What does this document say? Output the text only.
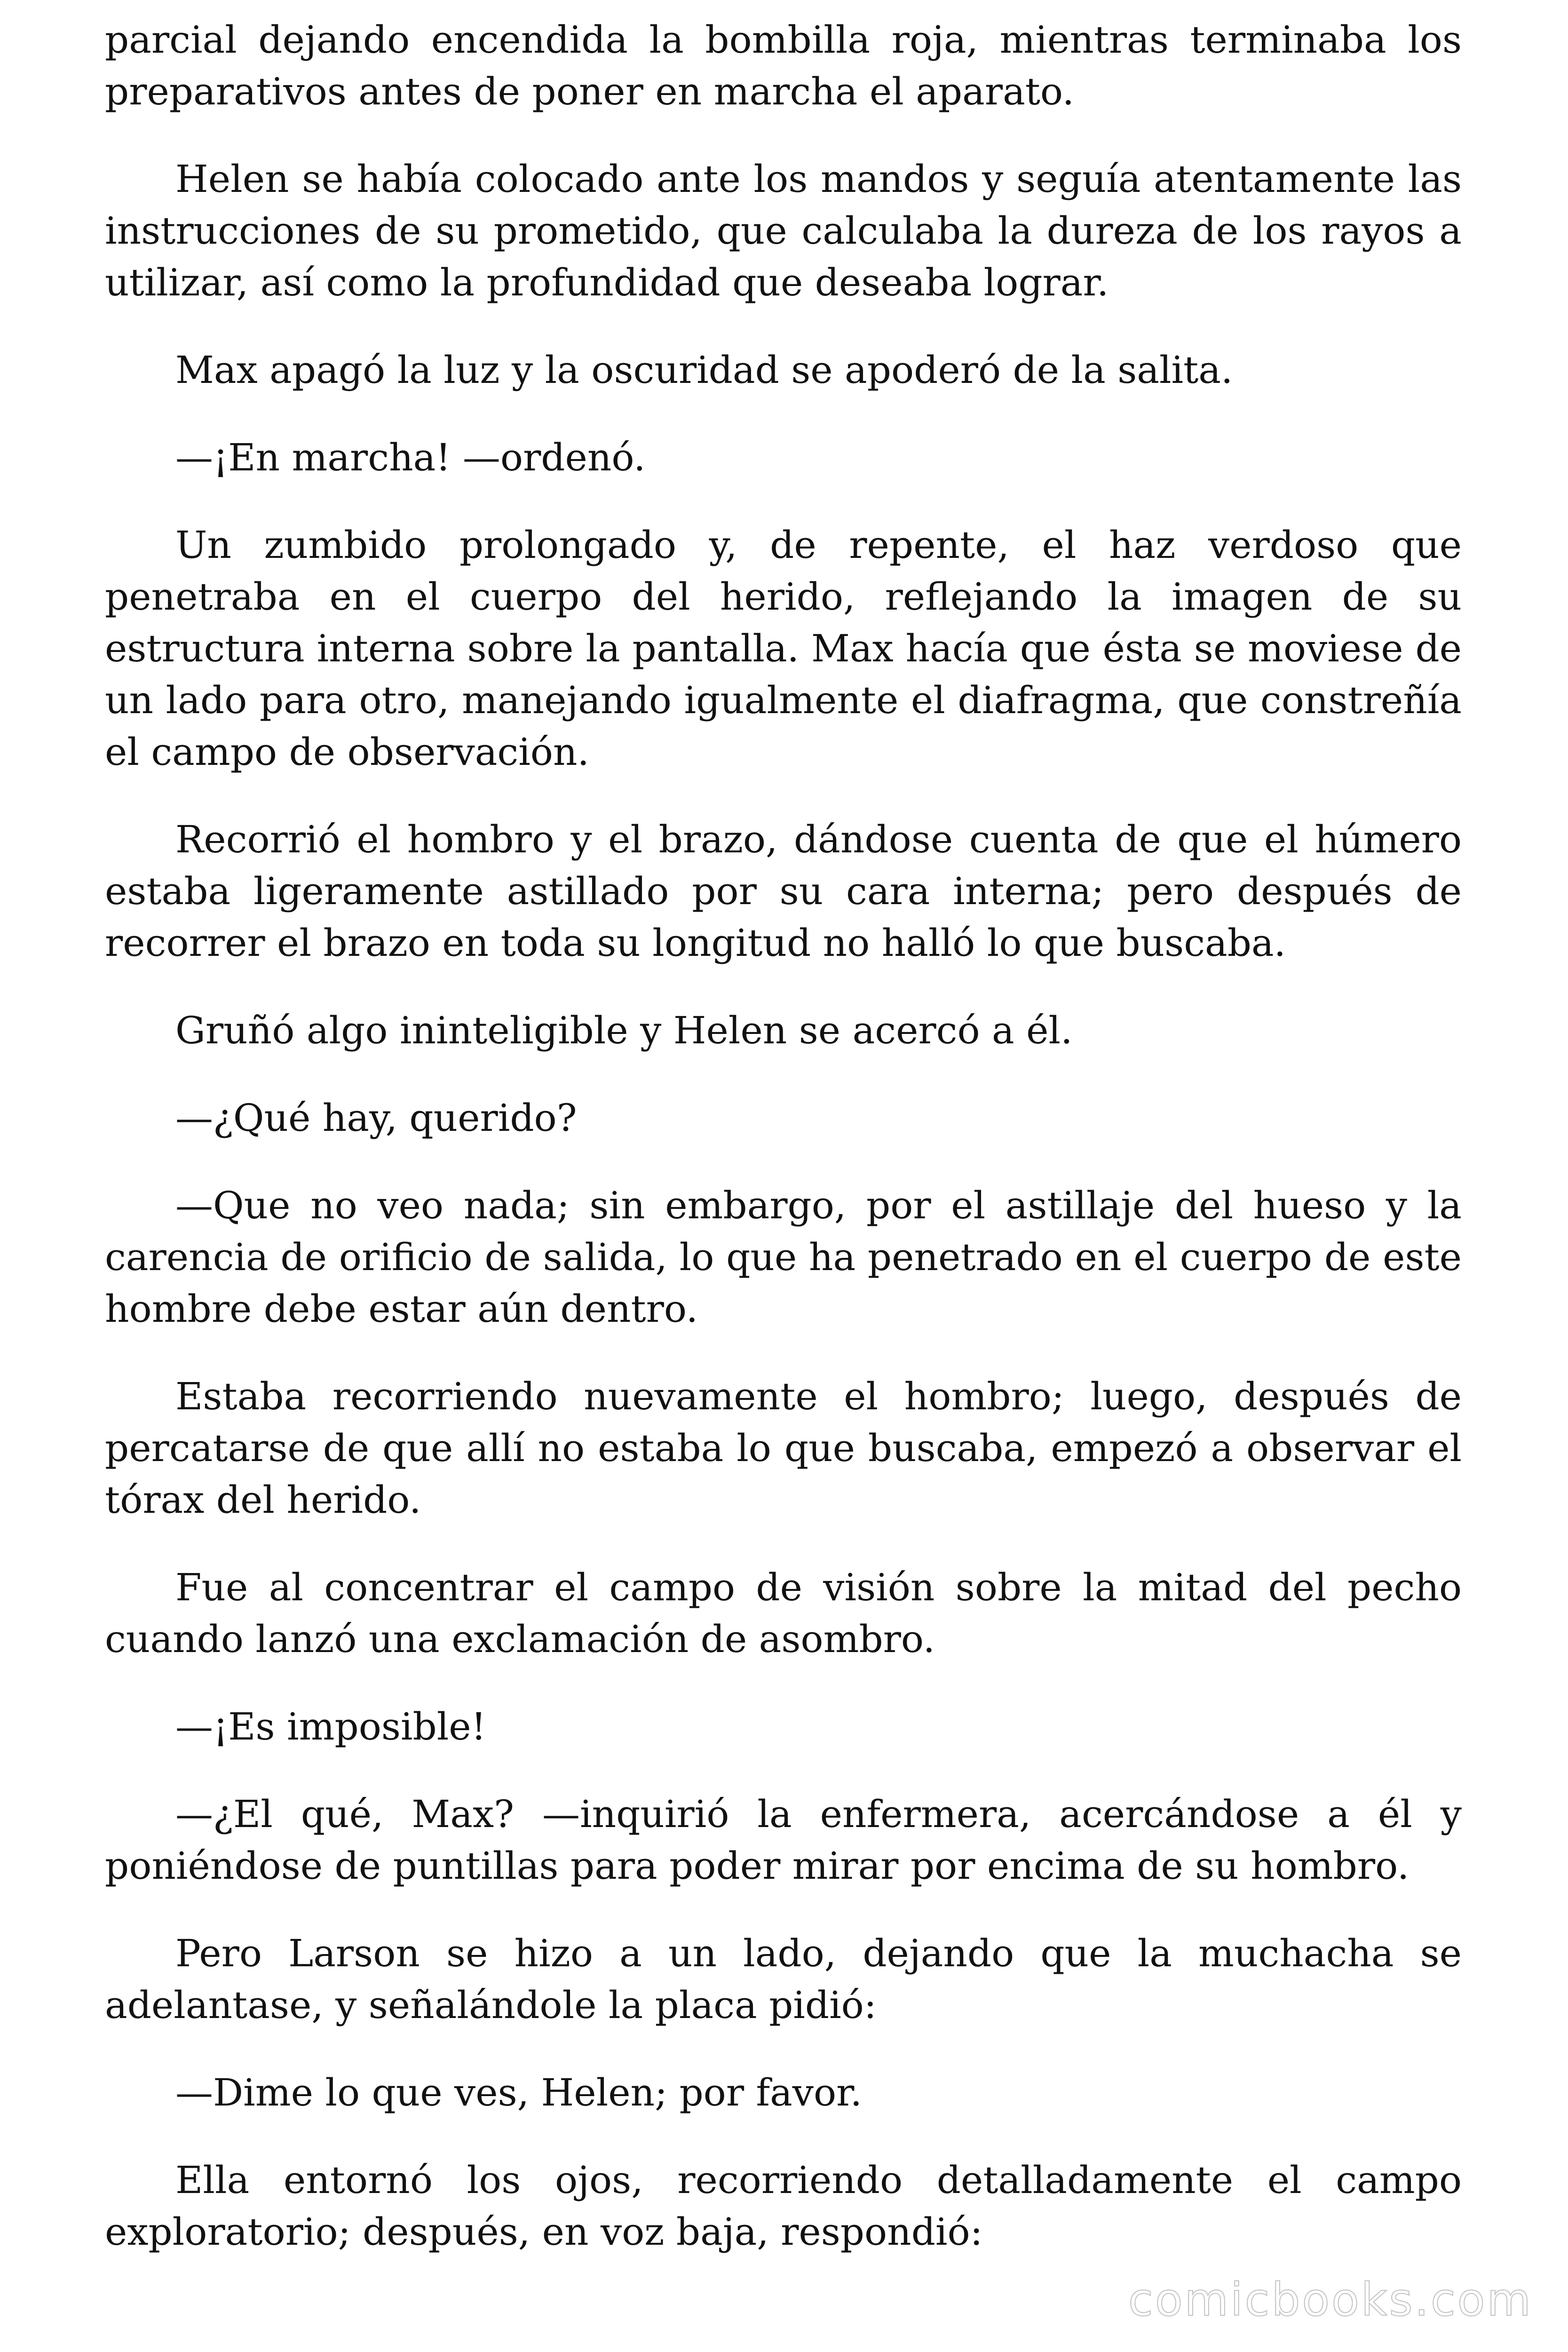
parcial dejando encendida la bombilla roja, mientras terminaba los preparativos antes de poner en marcha el aparato.

Helen se había colocado ante los mandos y seguía atentamente las instrucciones de su prometido, que calculaba la dureza de los rayos a utilizar, así como la profundidad que deseaba lograr.

Max apagó la luz y la oscuridad se apoderó de la salita.

—¡En marcha! —ordenó.

Un zumbido prolongado y, de repente, el haz verdoso que penetraba en el cuerpo del herido, reflejando la imagen de su estructura interna sobre la pantalla. Max hacía que ésta se moviese de un lado para otro, manejando igualmente el diafragma, que constreñía el campo de observación.

Recorrió el hombro y el brazo, dándose cuenta de que el húmero estaba ligeramente astillado por su cara interna; pero después de recorrer el brazo en toda su longitud no halló lo que buscaba.

Gruñó algo ininteligible y Helen se acercó a él.

—¿Qué hay, querido?

—Que no veo nada; sin embargo, por el astillaje del hueso y la carencia de orificio de salida, lo que ha penetrado en el cuerpo de este hombre debe estar aún dentro.

Estaba recorriendo nuevamente el hombro; luego, después de percatarse de que allí no estaba lo que buscaba, empezó a observar el tórax del herido.

Fue al concentrar el campo de visión sobre la mitad del pecho cuando lanzó una exclamación de asombro.

—¡Es imposible!

—¿El qué, Max? —inquirió la enfermera, acercándose a él y poniéndose de puntillas para poder mirar por encima de su hombro.

Pero Larson se hizo a un lado, dejando que la muchacha se adelantase, y señalándole la placa pidió:

—Dime lo que ves, Helen; por favor.

Ella entornó los ojos, recorriendo detalladamente el campo exploratorio; después, en voz baja, respondió:

comicbooks.com
